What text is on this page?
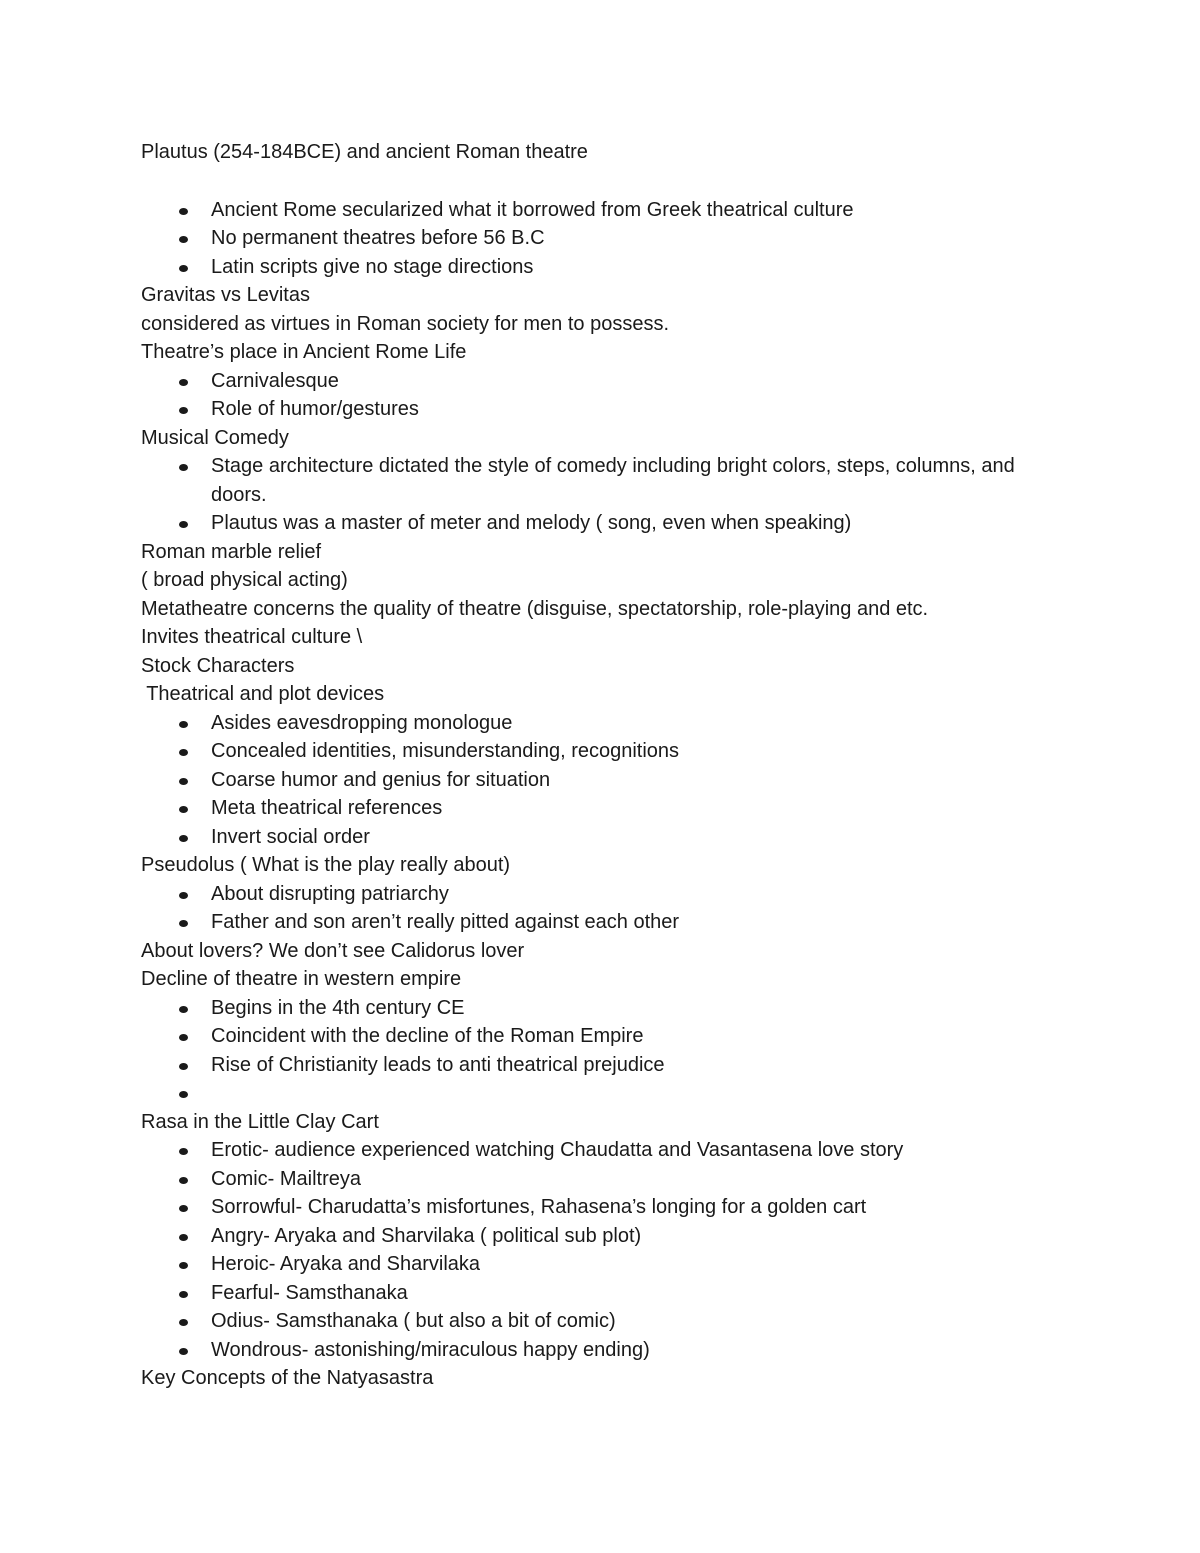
Plautus (254-184BCE) and ancient Roman theatre
Ancient Rome secularized what it borrowed from Greek theatrical culture
No permanent theatres before 56 B.C
Latin scripts give no stage directions
Gravitas vs Levitas
considered as virtues in Roman society for men to possess.
Theatre’s place in Ancient Rome Life
Carnivalesque
Role of humor/gestures
Musical Comedy
Stage architecture dictated the style of comedy including bright colors, steps, columns, and doors.
Plautus was a master of meter and melody ( song, even when speaking)
Roman marble relief
( broad physical acting)
Metatheatre concerns the quality of theatre (disguise, spectatorship, role-playing and etc.
Invites theatrical culture \
Stock Characters
Theatrical and plot devices
Asides eavesdropping monologue
Concealed identities, misunderstanding, recognitions
Coarse humor and genius for situation
Meta theatrical references
Invert social order
Pseudolus ( What is the play really about)
About disrupting patriarchy
Father and son aren’t really pitted against each other
About lovers? We don’t see Calidorus lover
Decline of theatre in western empire
Begins in the 4th century CE
Coincident with the decline of the Roman Empire
Rise of Christianity leads to anti theatrical prejudice
Rasa in the Little Clay Cart
Erotic- audience experienced watching Chaudatta and Vasantasena love story
Comic- Mailtreya
Sorrowful- Charudatta’s misfortunes, Rahasena’s longing for a golden cart
Angry- Aryaka and Sharvilaka ( political sub plot)
Heroic- Aryaka and Sharvilaka
Fearful- Samsthanaka
Odius- Samsthanaka ( but also a bit of comic)
Wondrous- astonishing/miraculous happy ending)
Key Concepts of the Natyasastra
